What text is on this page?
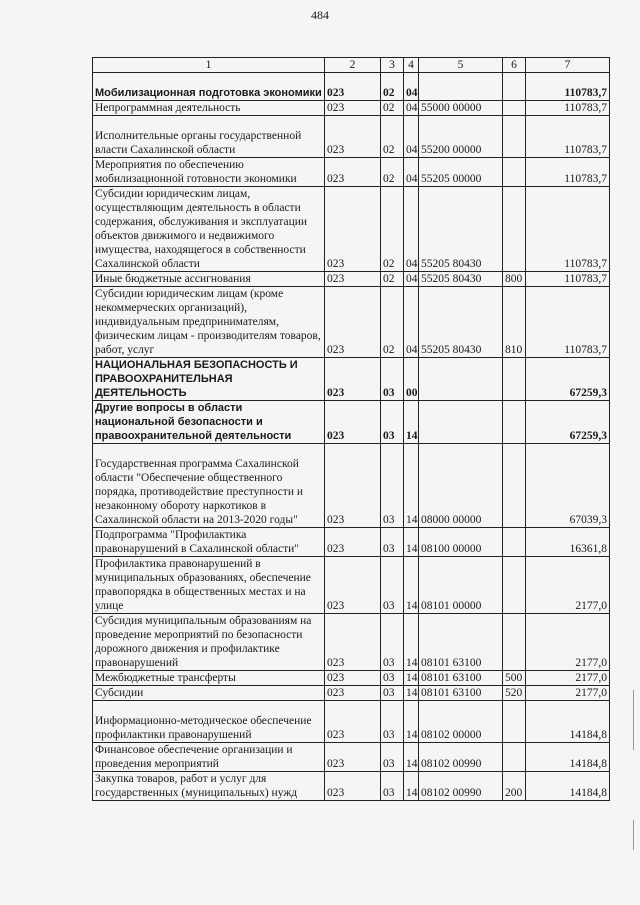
484
1	2	3	4	5	6	7
Мобилизационная подготовка экономики	023	02	04			110783,7
Непрограммная деятельность	023	02	04	55000 00000		110783,7
Исполнительные органы государственной власти Сахалинской области	023	02	04	55200 00000		110783,7
Мероприятия по обеспечению мобилизационной готовности экономики	023	02	04	55205 00000		110783,7
Субсидии юридическим лицам, осуществляющим деятельность в области содержания, обслуживания и эксплуатации объектов движимого и недвижимого имущества, находящегося в собственности Сахалинской области	023	02	04	55205 80430		110783,7
Иные бюджетные ассигнования	023	02	04	55205 80430	800	110783,7
Субсидии юридическим лицам (кроме некоммерческих организаций), индивидуальным предпринимателям, физическим лицам - производителям товаров, работ, услуг	023	02	04	55205 80430	810	110783,7
НАЦИОНАЛЬНАЯ БЕЗОПАСНОСТЬ И ПРАВООХРАНИТЕЛЬНАЯ ДЕЯТЕЛЬНОСТЬ	023	03	00			67259,3
Другие вопросы в области национальной безопасности и правоохранительной деятельности	023	03	14			67259,3
Государственная программа Сахалинской области "Обеспечение общественного порядка, противодействие преступности и незаконному обороту наркотиков в Сахалинской области на 2013-2020 годы"	023	03	14	08000 00000		67039,3
Подпрограмма "Профилактика правонарушений в Сахалинской области"	023	03	14	08100 00000		16361,8
Профилактика правонарушений в муниципальных образованиях, обеспечение правопорядка в общественных местах и на улице	023	03	14	08101 00000		2177,0
Субсидия муниципальным образованиям на проведение мероприятий по безопасности дорожного движения и профилактике правонарушений	023	03	14	08101 63100		2177,0
Межбюджетные трансферты	023	03	14	08101 63100	500	2177,0
Субсидии	023	03	14	08101 63100	520	2177,0
Информационно-методическое обеспечение профилактики правонарушений	023	03	14	08102 00000		14184,8
Финансовое обеспечение организации и проведения мероприятий	023	03	14	08102 00990		14184,8
Закупка товаров, работ и услуг для государственных (муниципальных) нужд	023	03	14	08102 00990	200	14184,8
